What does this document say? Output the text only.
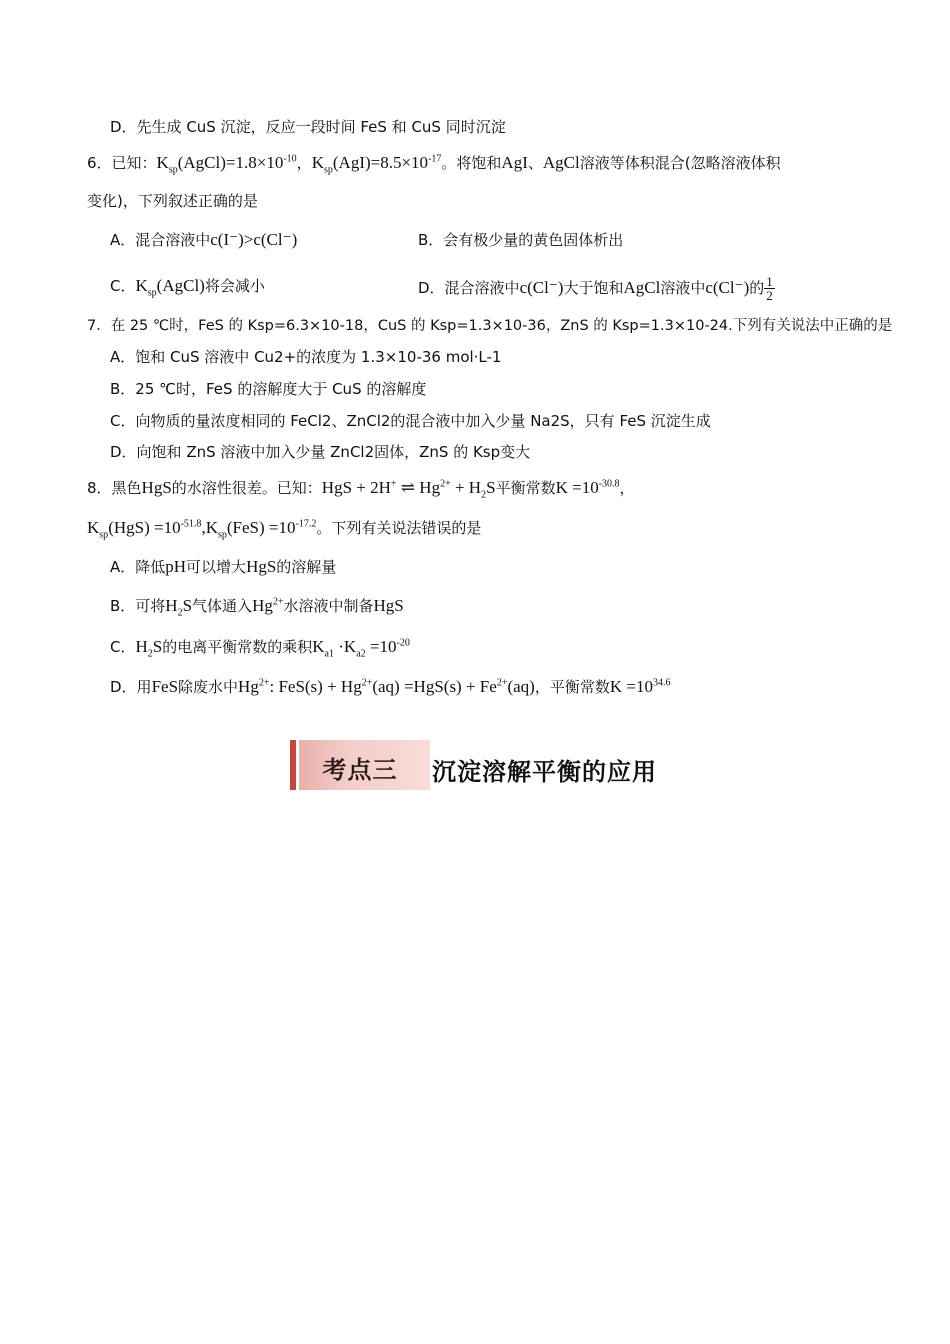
D．先生成 CuS 沉淀，反应一段时间 FeS 和 CuS 同时沉淀
6．已知：$K_{sp}(AgCl)=1.8\times 10^{-10}$，$K_{sp}(AgI)=8.5\times 10^{-17}$。将饱和AgI、AgCl溶液等体积混合(忽略溶液体积
变化)，下列叙述正确的是
A．混合溶液中c(I⁻)>c(Cl⁻)	B．会有极少量的黄色固体析出
C．$K_{sp}(AgCl)$将会减小	D．混合溶液中c(Cl⁻)大于饱和AgCl溶液中c(Cl⁻)的 $\frac{1}{2}$
7．在 25 ℃时，FeS 的 Ksp=6.3×10-18，CuS 的 Ksp=1.3×10-36，ZnS 的 Ksp=1.3×10-24.下列有关说法中正确的是
A．饱和 CuS 溶液中 Cu2+的浓度为 1.3×10-36 mol·L-1
B．25 ℃时，FeS 的溶解度大于 CuS 的溶解度
C．向物质的量浓度相同的 FeCl2、ZnCl2的混合液中加入少量 Na2S，只有 FeS 沉淀生成
D．向饱和 ZnS 溶液中加入少量 ZnCl2固体，ZnS 的 Ksp变大
8．黑色HgS的水溶性很差。已知：HgS + 2H+ ⇌ $Hg^{2+} + H_2S$平衡常数$K =10^{-30.8}$，
$K_{sp}(HgS) =10^{-51.8},K_{sp}(FeS) =10^{-17.2}$。下列有关说法错误的是
A．降低pH可以增大HgS的溶解量
B．可将$H_2S$气体通入$Hg^{2+}$水溶液中制备HgS
C．$H_2S$的电离平衡常数的乘积$K_{a1} \cdot K_{a2} =10^{-20}$
D．用FeS除废水中$Hg^{2+}$: $FeS(s) + Hg^{2+}(aq) =HgS(s) + Fe^{2+}(aq)$，平衡常数$K =10^{34.6}$
考点三	沉淀溶解平衡的应用
